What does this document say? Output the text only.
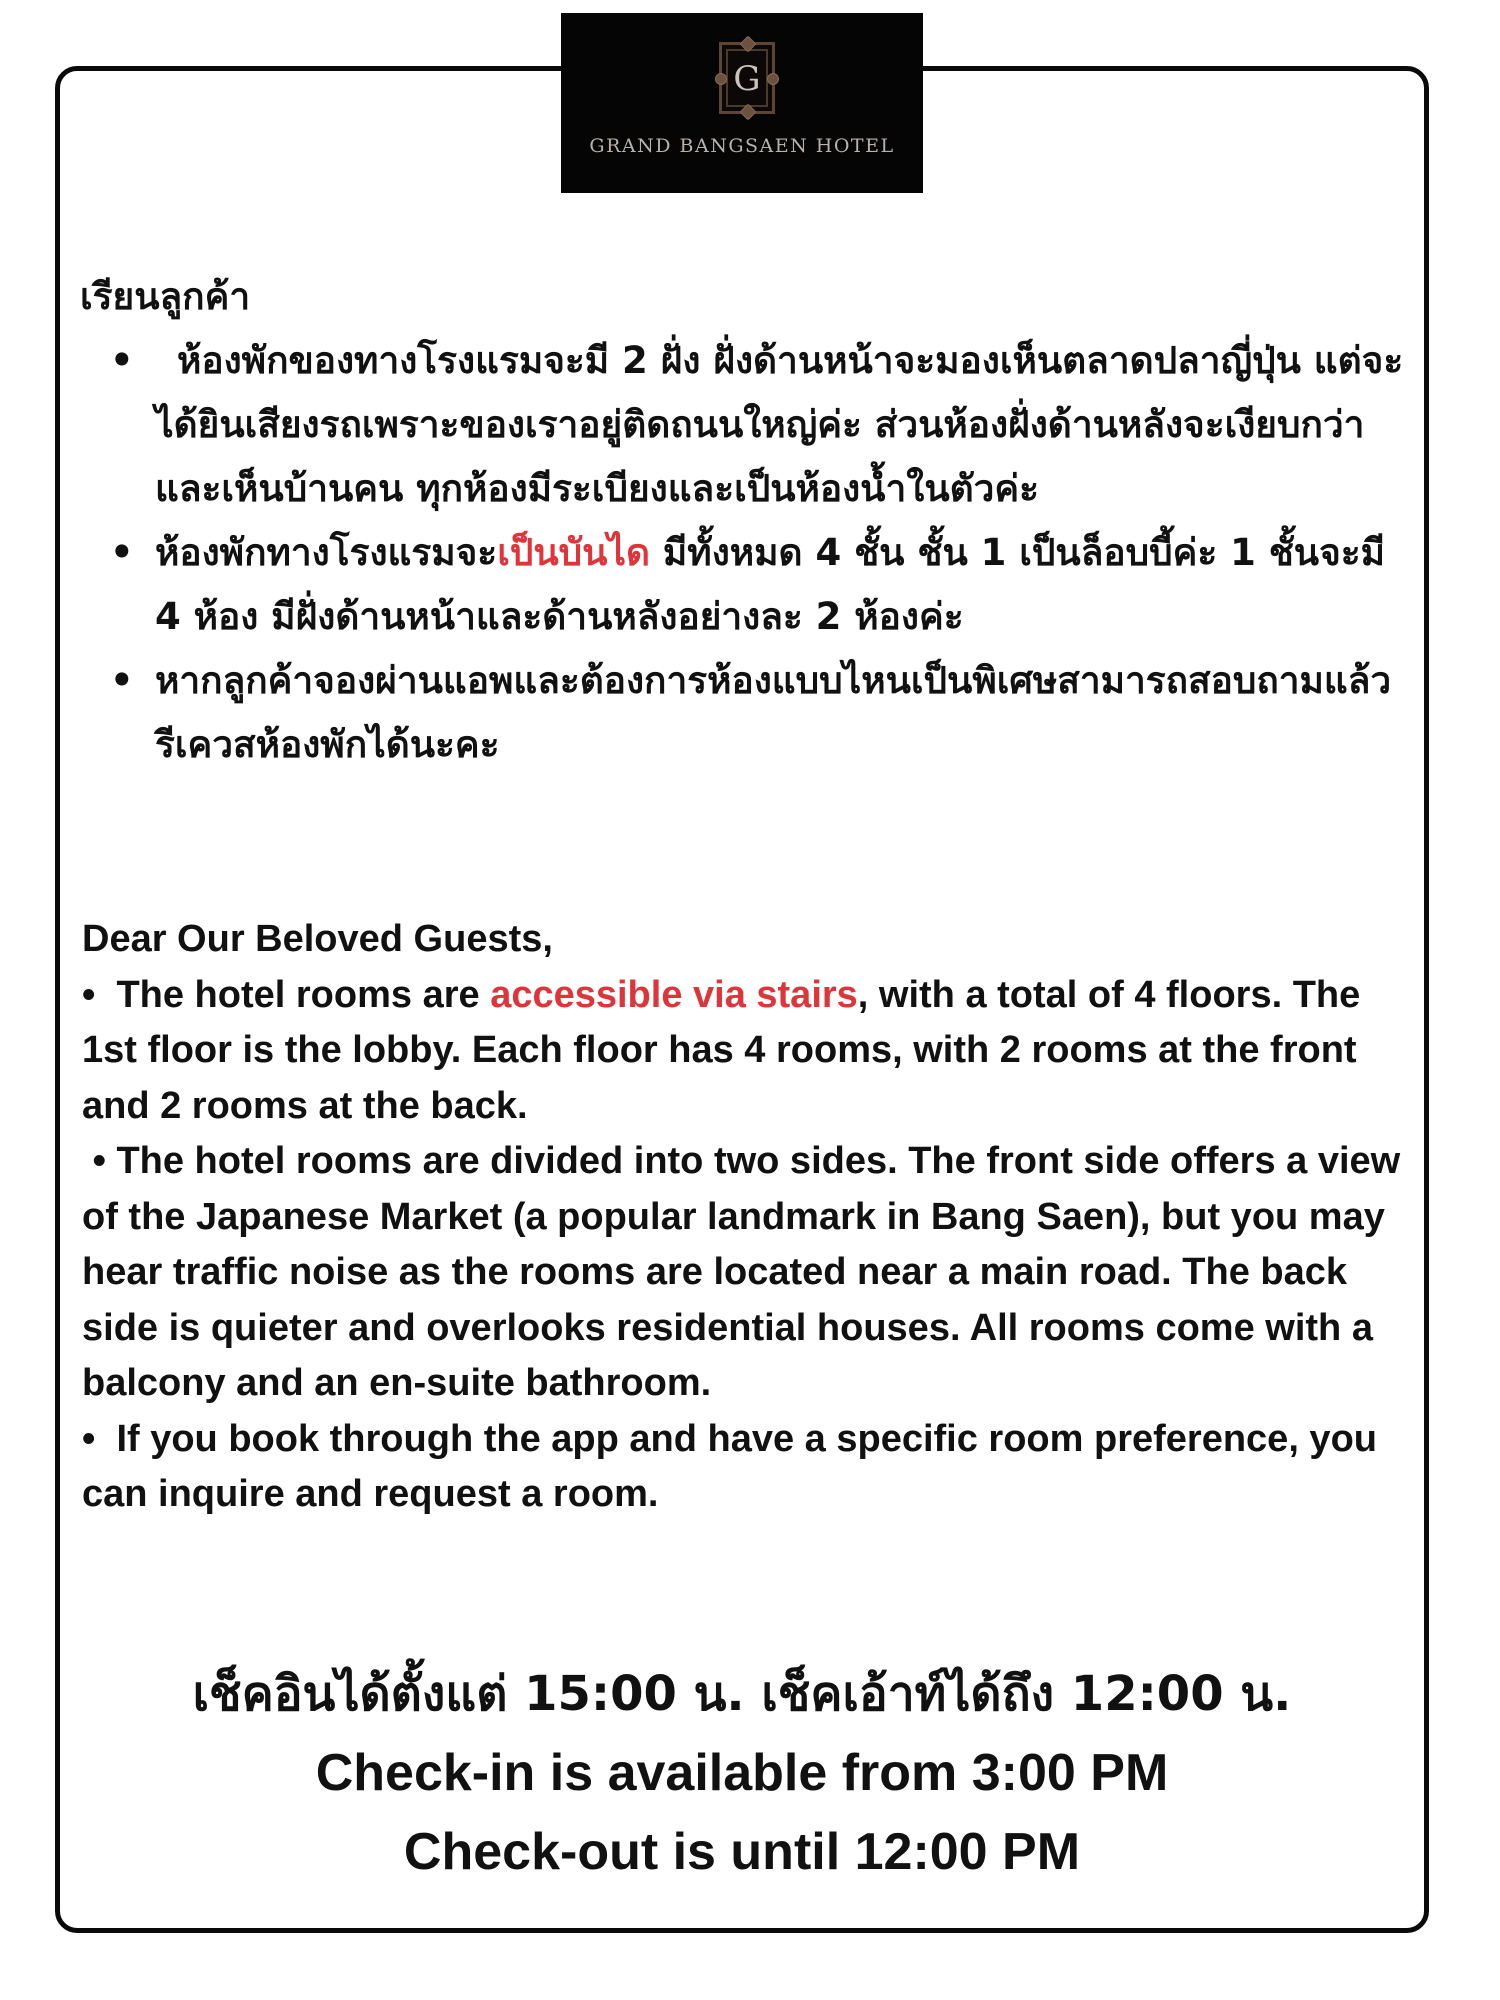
G
GRAND BANGSAEN HOTEL
เรียนลูกค้า
• ห้องพักของทางโรงแรมจะมี 2 ฝั่ง ฝั่งด้านหน้าจะมองเห็นตลาดปลาญี่ปุ่น แต่จะได้ยินเสียงรถเพราะของเราอยู่ติดถนนใหญ่ค่ะ ส่วนห้องฝั่งด้านหลังจะเงียบกว่าและเห็นบ้านคน ทุกห้องมีระเบียงและเป็นห้องน้ำในตัวค่ะ
• ห้องพักทางโรงแรมจะเป็นบันได มีทั้งหมด 4 ชั้น ชั้น 1 เป็นล็อบบี้ค่ะ 1 ชั้นจะมี 4 ห้อง มีฝั่งด้านหน้าและด้านหลังอย่างละ 2 ห้องค่ะ
• หากลูกค้าจองผ่านแอพและต้องการห้องแบบไหนเป็นพิเศษสามารถสอบถามแล้วรีเควสห้องพักได้นะคะ

Dear Our Beloved Guests,

• The hotel rooms are accessible via stairs, with a total of 4 floors. The 1st floor is the lobby. Each floor has 4 rooms, with 2 rooms at the front and 2 rooms at the back.

• The hotel rooms are divided into two sides. The front side offers a view of the Japanese Market (a popular landmark in Bang Saen), but you may hear traffic noise as the rooms are located near a main road. The back side is quieter and overlooks residential houses. All rooms come with a balcony and an en-suite bathroom.

• If you book through the app and have a specific room preference, you can inquire and request a room.

เช็คอินได้ตั้งแต่ 15:00 น. เช็คเอ้าท์ได้ถึง 12:00 น.
Check-in is available from 3:00 PM
Check-out is until 12:00 PM
